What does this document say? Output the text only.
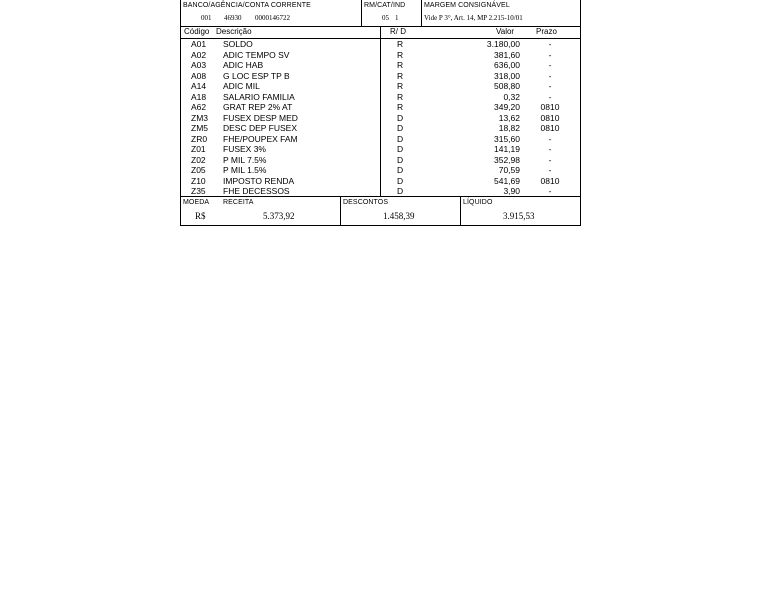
BANCO/AGÊNCIA/CONTA CORRENTE
001 46930 0000146722
RM/CAT/IND
05 1
MARGEM CONSIGNÁVEL
Vide P 3°, Art. 14, MP 2.215-10/01
Código Descrição	R/ D	Valor	Prazo
A01 SOLDO	R	3.180,00	-
A02 ADIC TEMPO SV	R	381,60	-
A03 ADIC HAB	R	636,00	-
A08 G LOC ESP TP B	R	318,00	-
A14 ADIC MIL	R	508,80	-
A18 SALARIO FAMILIA	R	0,32	-
A62 GRAT REP 2% AT	R	349,20 0810
ZM3 FUSEX DESP MED	D	13,62 0810
ZM5 DESC DEP FUSEX	D	18,82 0810
ZR0 FHE/POUPEX FAM	D	315,60	-
Z01 FUSEX 3%	D	141,19	-
Z02 P MIL 7.5%	D	352,98	-
Z05 P MIL 1.5%	D	70,59	-
Z10 IMPOSTO RENDA	D	541,69 0810
Z35 FHE DECESSOS	D	3,90	-
MOEDA
R$
RECEITA
5.373,92
DESCONTOS
1.458,39
LÍQUIDO
3.915,53
